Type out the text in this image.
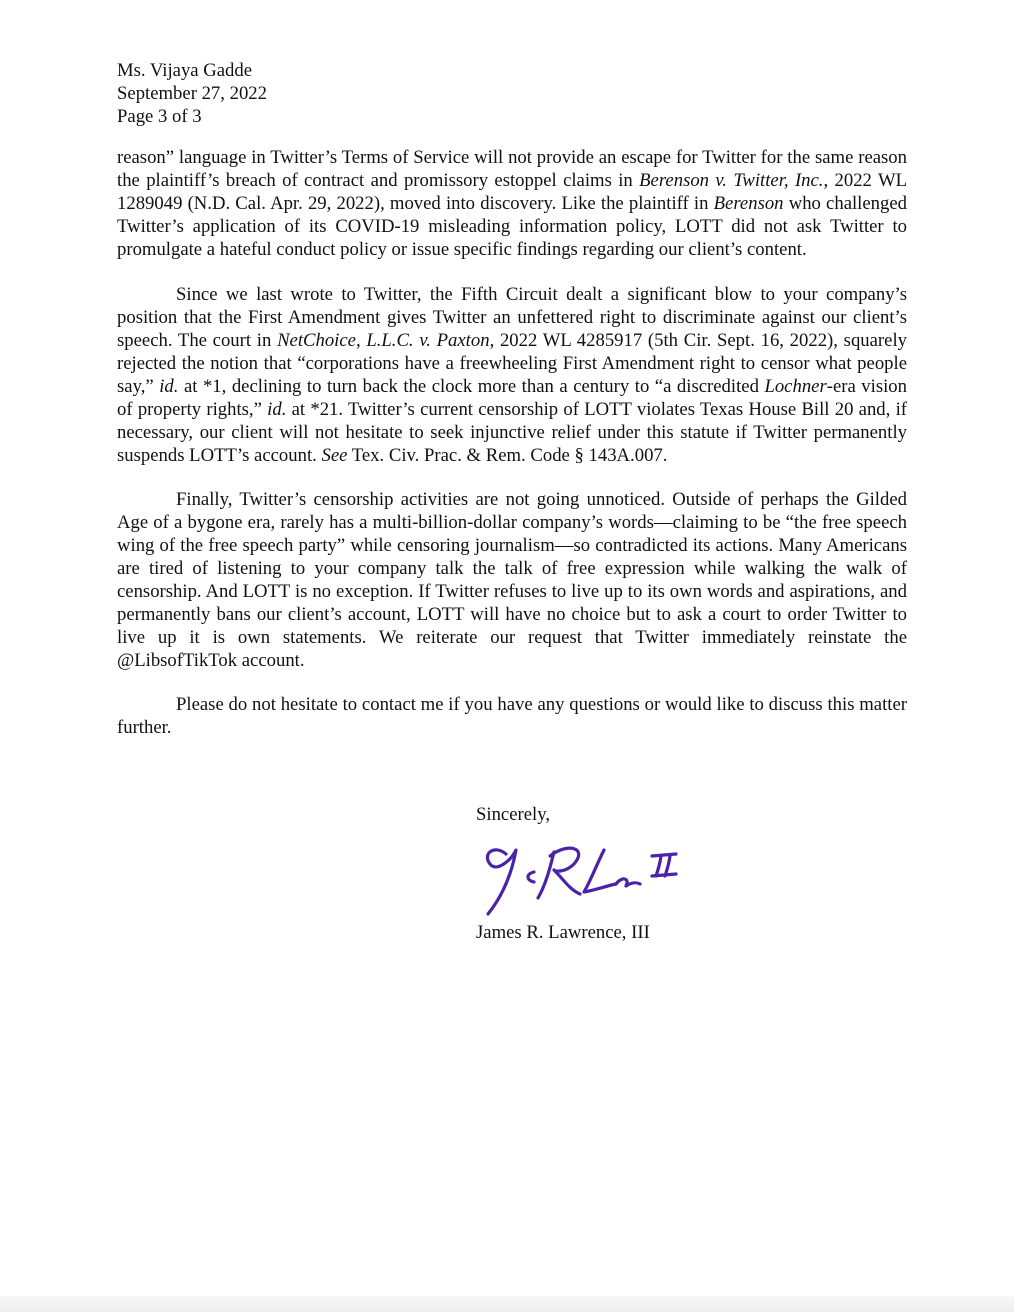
Ms. Vijaya Gadde
September 27, 2022
Page 3 of 3

reason” language in Twitter’s Terms of Service will not provide an escape for Twitter for the same reason the plaintiff’s breach of contract and promissory estoppel claims in Berenson v. Twitter, Inc., 2022 WL 1289049 (N.D. Cal. Apr. 29, 2022), moved into discovery. Like the plaintiff in Berenson who challenged Twitter’s application of its COVID-19 misleading information policy, LOTT did not ask Twitter to promulgate a hateful conduct policy or issue specific findings regarding our client’s content.

Since we last wrote to Twitter, the Fifth Circuit dealt a significant blow to your company’s position that the First Amendment gives Twitter an unfettered right to discriminate against our client’s speech. The court in NetChoice, L.L.C. v. Paxton, 2022 WL 4285917 (5th Cir. Sept. 16, 2022), squarely rejected the notion that “corporations have a freewheeling First Amendment right to censor what people say,” id. at *1, declining to turn back the clock more than a century to “a discredited Lochner-era vision of property rights,” id. at *21. Twitter’s current censorship of LOTT violates Texas House Bill 20 and, if necessary, our client will not hesitate to seek injunctive relief under this statute if Twitter permanently suspends LOTT’s account. See Tex. Civ. Prac. & Rem. Code § 143A.007.

Finally, Twitter’s censorship activities are not going unnoticed. Outside of perhaps the Gilded Age of a bygone era, rarely has a multi-billion-dollar company’s words—claiming to be “the free speech wing of the free speech party” while censoring journalism—so contradicted its actions. Many Americans are tired of listening to your company talk the talk of free expression while walking the walk of censorship. And LOTT is no exception. If Twitter refuses to live up to its own words and aspirations, and permanently bans our client’s account, LOTT will have no choice but to ask a court to order Twitter to live up it is own statements. We reiterate our request that Twitter immediately reinstate the @LibsofTikTok account.

Please do not hesitate to contact me if you have any questions or would like to discuss this matter further.

Sincerely,
James R. Lawrence, III
